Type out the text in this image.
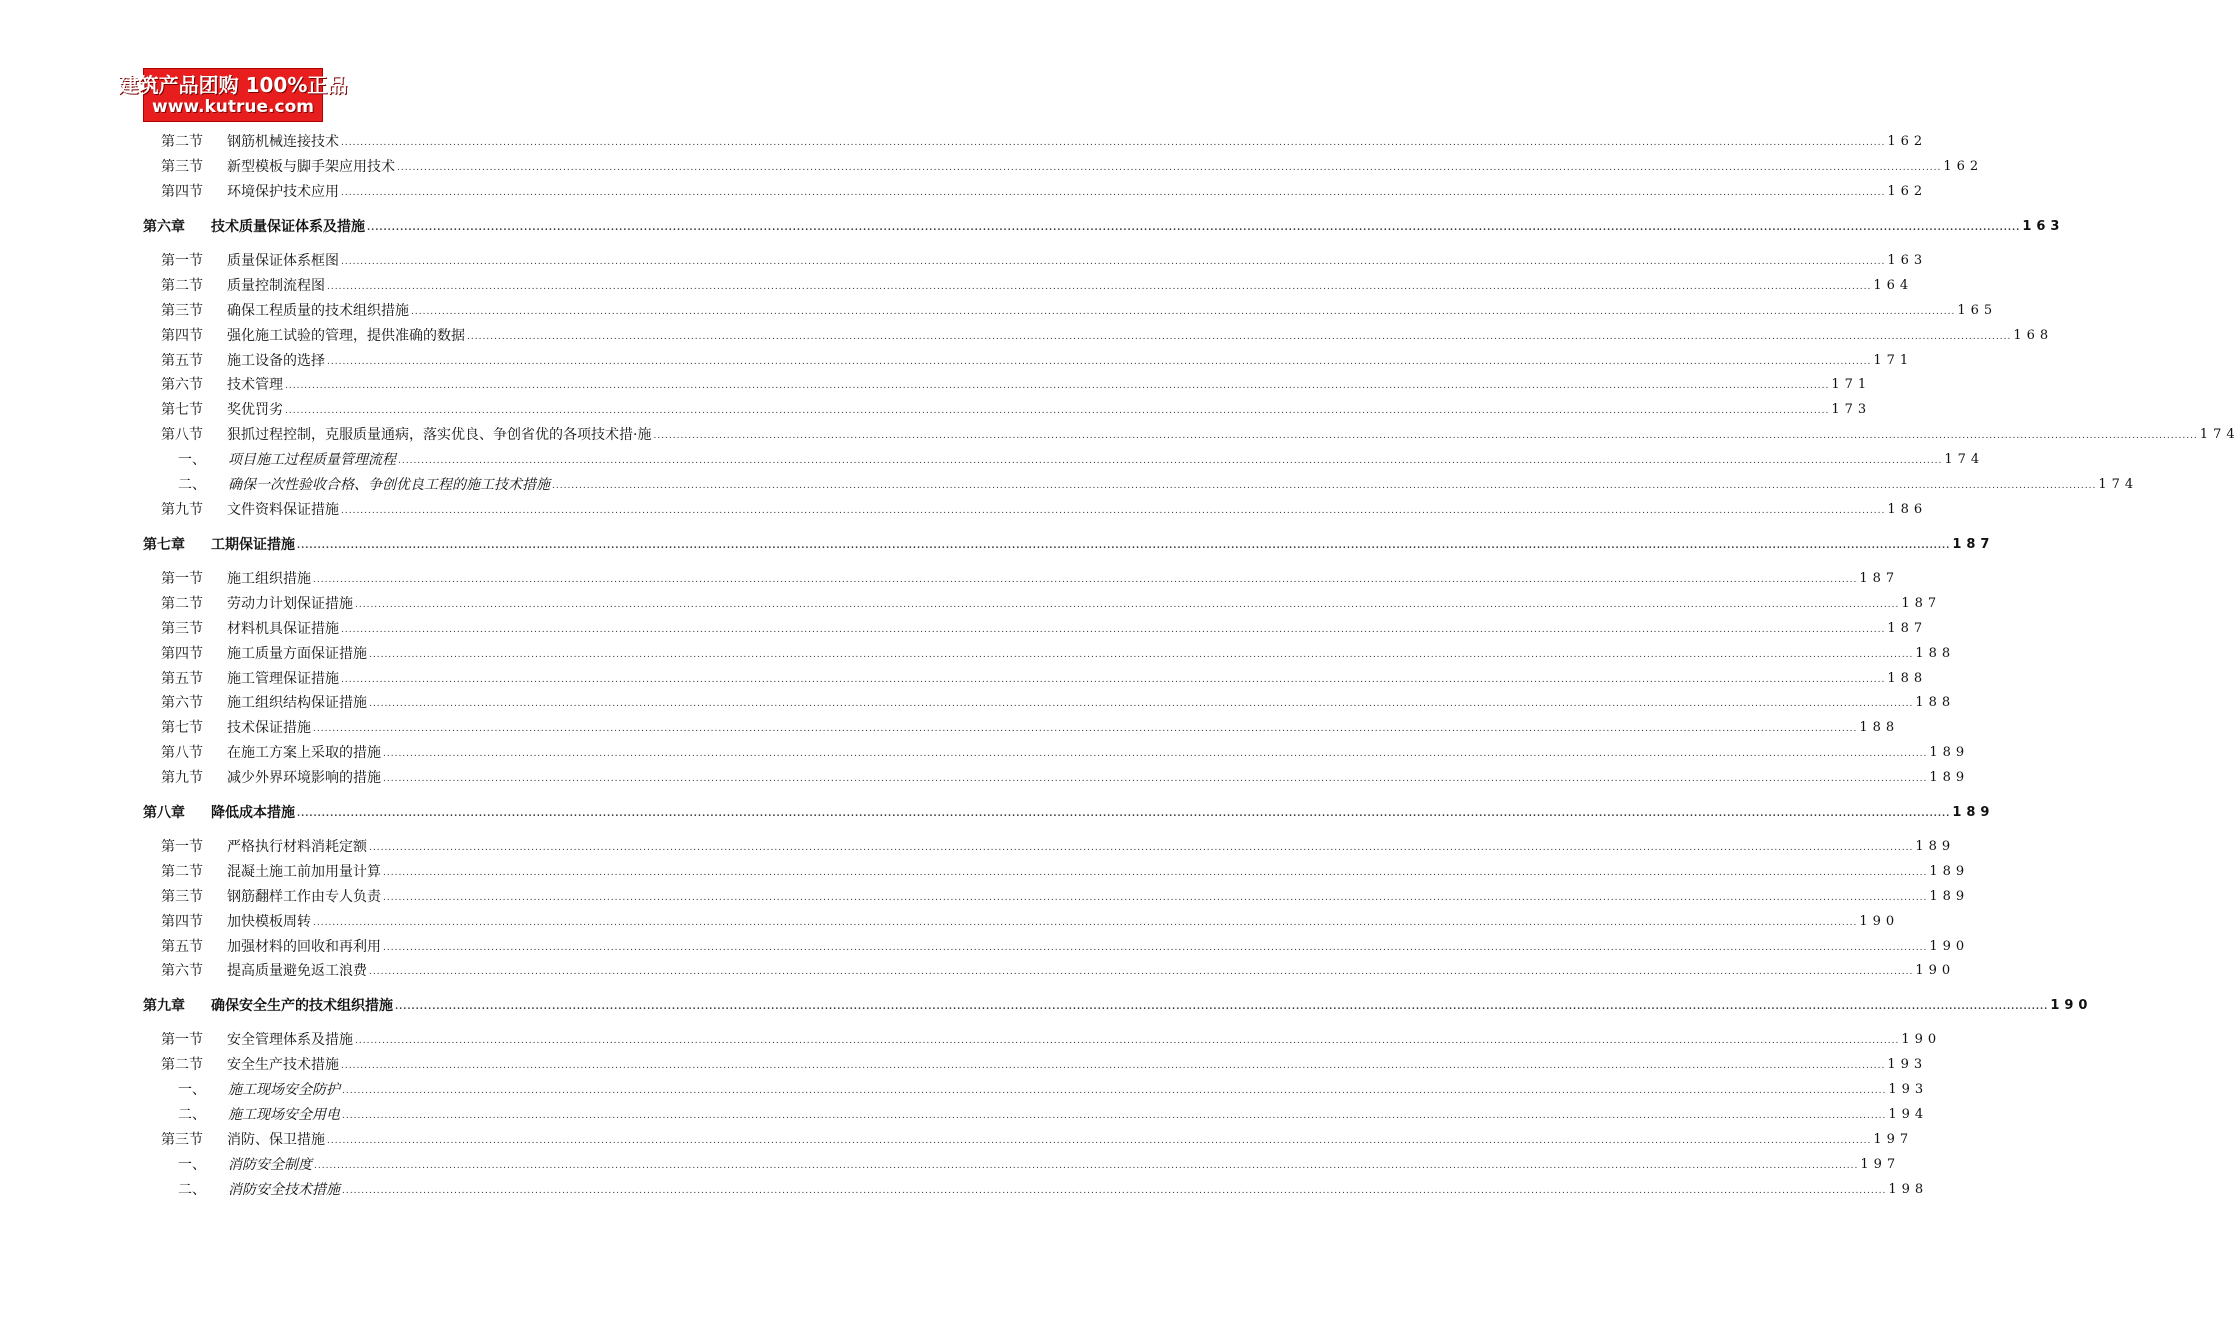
建筑产品团购 100%正品
www.kutrue.com
第二节	钢筋机械连接技术 ................................................................................................................................................................................................................................................................................................................................................................................................................ 162
第三节	新型模板与脚手架应用技术 ................................................................................................................................................................................................................................................................................................................................................................................................................ 162
第四节	环境保护技术应用 ................................................................................................................................................................................................................................................................................................................................................................................................................ 162
第六章	技术质量保证体系及措施 ................................................................................................................................................................................................................................................................................................................................................................................................................ 163
第一节	质量保证体系框图 ................................................................................................................................................................................................................................................................................................................................................................................................................ 163
第二节	质量控制流程图 ................................................................................................................................................................................................................................................................................................................................................................................................................ 164
第三节	确保工程质量的技术组织措施 ................................................................................................................................................................................................................................................................................................................................................................................................................ 165
第四节	强化施工试验的管理，提供准确的数据 ................................................................................................................................................................................................................................................................................................................................................................................................................ 168
第五节	施工设备的选择 ................................................................................................................................................................................................................................................................................................................................................................................................................ 171
第六节	技术管理 ................................................................................................................................................................................................................................................................................................................................................................................................................ 171
第七节	奖优罚劣 ................................................................................................................................................................................................................................................................................................................................................................................................................ 173
第八节	狠抓过程控制，克服质量通病，落实优良、争创省优的各项技术措·施 ................................................................................................................................................................................................................................................................................................................................................................................................................ 174
一、	项目施工过程质量管理流程 ................................................................................................................................................................................................................................................................................................................................................................................................................ 174
二、	确保一次性验收合格、争创优良工程的施工技术措施 ................................................................................................................................................................................................................................................................................................................................................................................................................ 174
第九节	文件资料保证措施 ................................................................................................................................................................................................................................................................................................................................................................................................................ 186
第七章	工期保证措施 ................................................................................................................................................................................................................................................................................................................................................................................................................ 187
第一节	施工组织措施 ................................................................................................................................................................................................................................................................................................................................................................................................................ 187
第二节	劳动力计划保证措施 ................................................................................................................................................................................................................................................................................................................................................................................................................ 187
第三节	材料机具保证措施 ................................................................................................................................................................................................................................................................................................................................................................................................................ 187
第四节	施工质量方面保证措施 ................................................................................................................................................................................................................................................................................................................................................................................................................ 188
第五节	施工管理保证措施 ................................................................................................................................................................................................................................................................................................................................................................................................................ 188
第六节	施工组织结构保证措施 ................................................................................................................................................................................................................................................................................................................................................................................................................ 188
第七节	技术保证措施 ................................................................................................................................................................................................................................................................................................................................................................................................................ 188
第八节	在施工方案上采取的措施 ................................................................................................................................................................................................................................................................................................................................................................................................................ 189
第九节	减少外界环境影响的措施 ................................................................................................................................................................................................................................................................................................................................................................................................................ 189
第八章	降低成本措施 ................................................................................................................................................................................................................................................................................................................................................................................................................ 189
第一节	严格执行材料消耗定额 ................................................................................................................................................................................................................................................................................................................................................................................................................ 189
第二节	混凝土施工前加用量计算 ................................................................................................................................................................................................................................................................................................................................................................................................................ 189
第三节	钢筋翻样工作由专人负责 ................................................................................................................................................................................................................................................................................................................................................................................................................ 189
第四节	加快模板周转 ................................................................................................................................................................................................................................................................................................................................................................................................................ 190
第五节	加强材料的回收和再利用 ................................................................................................................................................................................................................................................................................................................................................................................................................ 190
第六节	提高质量避免返工浪费 ................................................................................................................................................................................................................................................................................................................................................................................................................ 190
第九章	确保安全生产的技术组织措施 ................................................................................................................................................................................................................................................................................................................................................................................................................ 190
第一节	安全管理体系及措施 ................................................................................................................................................................................................................................................................................................................................................................................................................ 190
第二节	安全生产技术措施 ................................................................................................................................................................................................................................................................................................................................................................................................................ 193
一、	施工现场安全防护 ................................................................................................................................................................................................................................................................................................................................................................................................................ 193
二、	施工现场安全用电 ................................................................................................................................................................................................................................................................................................................................................................................................................ 194
第三节	消防、保卫措施 ................................................................................................................................................................................................................................................................................................................................................................................................................ 197
一、	消防安全制度 ................................................................................................................................................................................................................................................................................................................................................................................................................ 197
二、	消防安全技术措施 ................................................................................................................................................................................................................................................................................................................................................................................................................ 198
